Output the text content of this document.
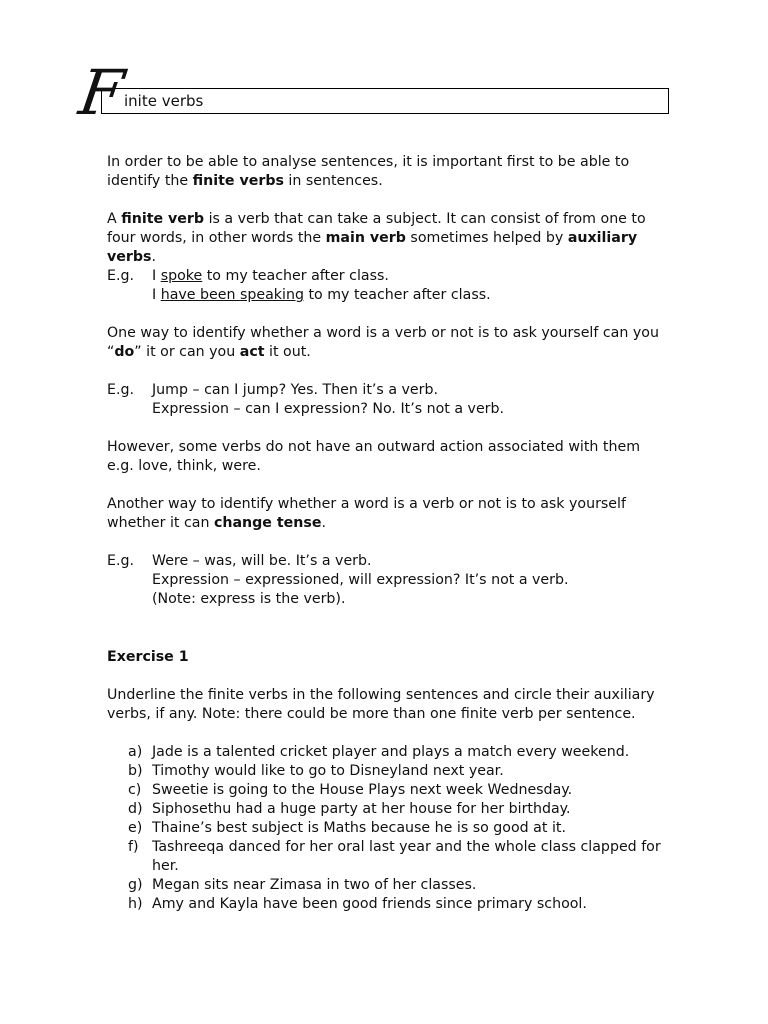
F
inite verbs

In order to be able to analyse sentences, it is important first to be able to identify the finite verbs in sentences.

A finite verb is a verb that can take a subject. It can consist of from one to four words, in other words the main verb sometimes helped by auxiliary verbs.

E.g. I spoke to my teacher after class.
I have been speaking to my teacher after class.

One way to identify whether a word is a verb or not is to ask yourself can you “do” it or can you act it out.

E.g. Jump – can I jump? Yes. Then it’s a verb.
Expression – can I expression? No. It’s not a verb.

However, some verbs do not have an outward action associated with them e.g. love, think, were.

Another way to identify whether a word is a verb or not is to ask yourself whether it can change tense.

E.g. Were – was, will be. It’s a verb.
Expression – expressioned, will expression? It’s not a verb.
(Note: express is the verb).

Exercise 1

Underline the finite verbs in the following sentences and circle their auxiliary verbs, if any. Note: there could be more than one finite verb per sentence.

a) Jade is a talented cricket player and plays a match every weekend.
b) Timothy would like to go to Disneyland next year.
c) Sweetie is going to the House Plays next week Wednesday.
d) Siphosethu had a huge party at her house for her birthday.
e) Thaine’s best subject is Maths because he is so good at it.
f) Tashreeqa danced for her oral last year and the whole class clapped for her.
g) Megan sits near Zimasa in two of her classes.
h) Amy and Kayla have been good friends since primary school.
